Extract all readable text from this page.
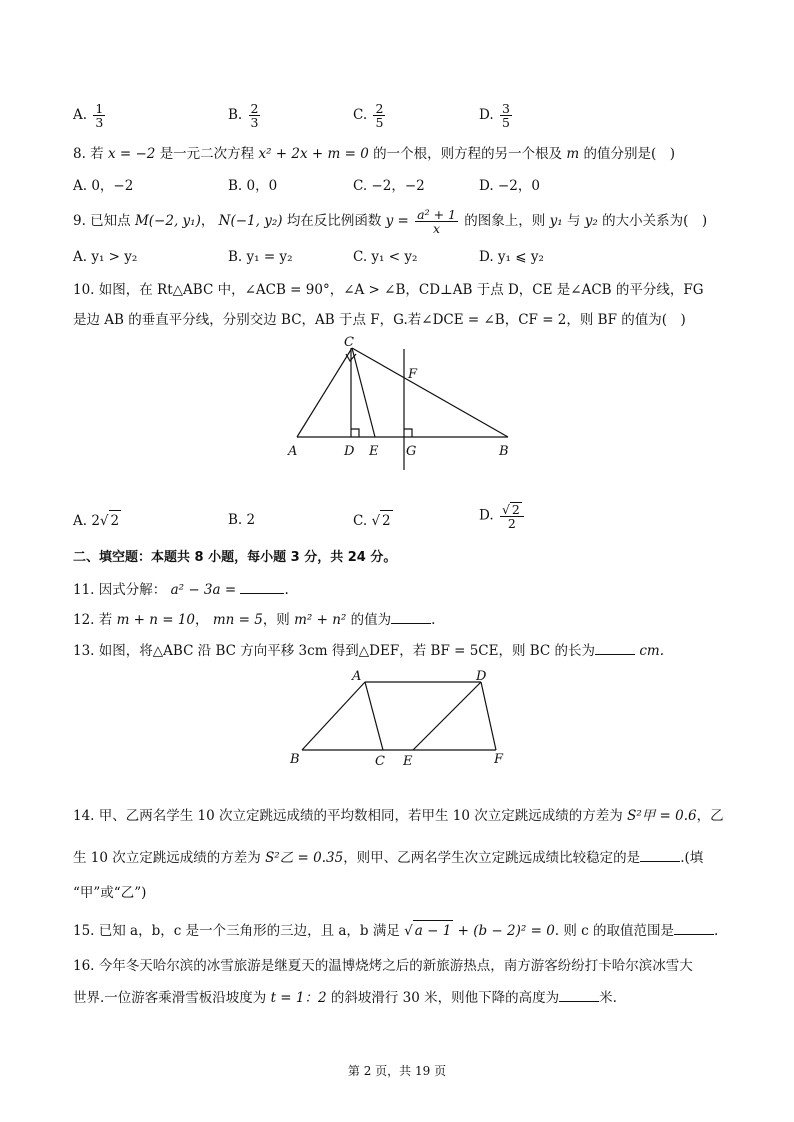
A. $\frac{1}{3}$	B. $\frac{2}{3}$	C. $\frac{2}{5}$	D. $\frac{3}{5}$
8. 若 x = −2 是一元二次方程 x² + 2x + m = 0 的一个根，则方程的另一个根及 m 的值分别是(　)
A. 0，−2	B. 0，0	C. −2，−2	D. −2，0
9. 已知点 M(−2, y₁)， N(−1, y₂) 均在反比例函数 $y = \frac{\text{a² + 1}}{x}$ 的图象上，则 y₁ 与 y₂ 的大小关系为(　)
A. y₁ > y₂	B. y₁ = y₂	C. y₁ < y₂	D. y₁ ⩽ y₂
10. 如图，在 Rt△ABC 中，∠ACB = 90°，∠A > ∠B，CD⊥AB 于点 D，CE 是∠ACB 的平分线，FG
是边 AB 的垂直平分线，分别交边 BC，AB 于点 F，G.若∠DCE = ∠B，CF = 2，则 BF 的值为(　)
C
F
A	D E G	B
A. 2√ 2	B. 2	C. √ 2	D. $\frac{√ 2}{2}$
二、填空题：本题共 8 小题，每小题 3 分，共 24 分。
11. 因式分解： a² − 3a =	.
12. 若 m + n = 10， mn = 5，则 m² + n² 的值为	.
13. 如图，将△ABC 沿 BC 方向平移 3cm 得到△DEF，若 BF = 5CE，则 BC 的长为	cm.
A	D
B	C E	F
14. 甲、乙两名学生 10 次立定跳远成绩的平均数相同，若甲生 10 次立定跳远成绩的方差为 S²甲 = 0.6，乙
生 10 次立定跳远成绩的方差为 S²乙 = 0.35，则甲、乙两名学生次立定跳远成绩比较稳定的是	.(填
“甲”或“乙”)
15. 已知 a，b，c 是一个三角形的三边，且 a，b 满足 √ a − 1 + (b − 2)² = 0. 则 c 的取值范围是	.
16. 今年冬天哈尔滨的冰雪旅游是继夏天的温博烧烤之后的新旅游热点，南方游客纷纷打卡哈尔滨冰雪大
世界.一位游客乘滑雪板沿坡度为 t = 1：2 的斜坡滑行 30 米，则他下降的高度为	米.
第 2 页，共 19 页
